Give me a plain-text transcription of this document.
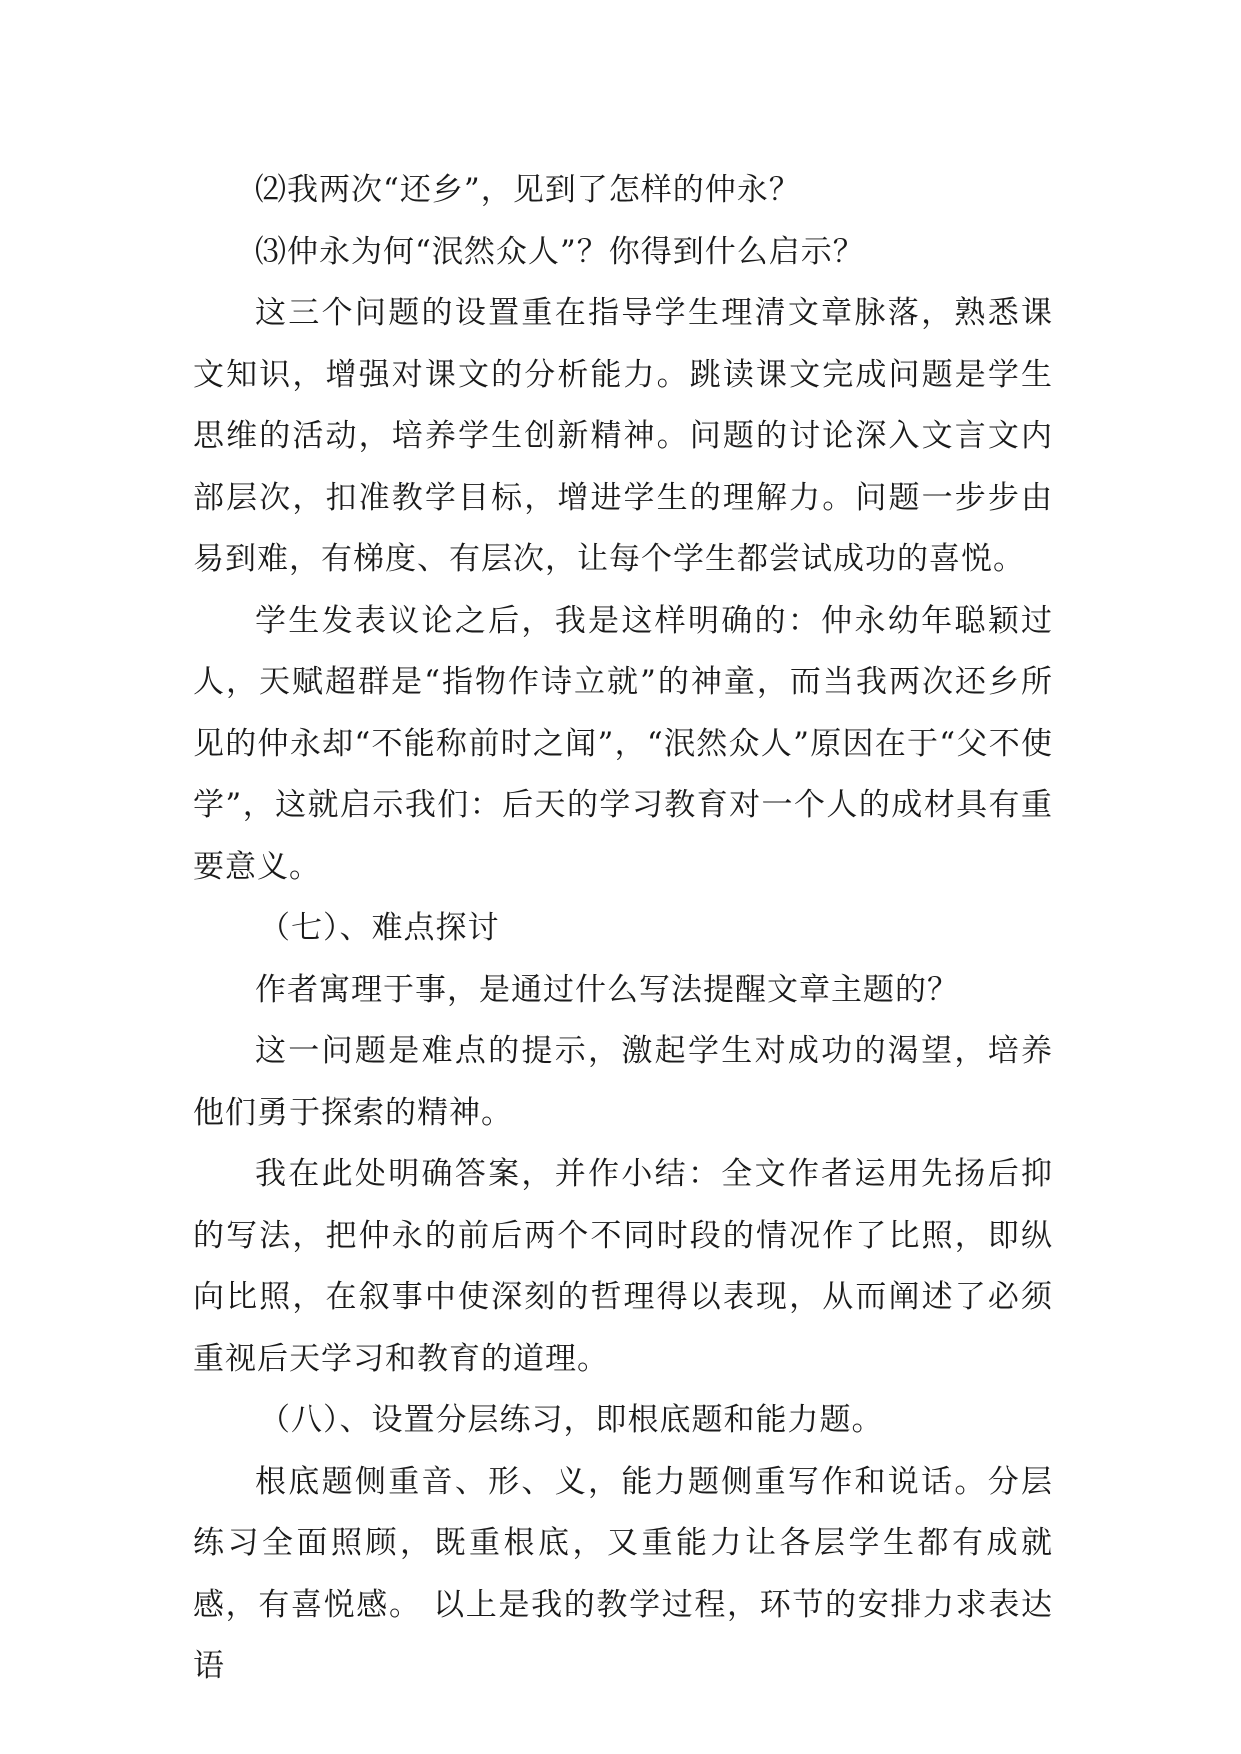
⑵我两次“还乡”，见到了怎样的仲永？

⑶仲永为何“泯然众人”？你得到什么启示？

这三个问题的设置重在指导学生理清文章脉落，熟悉课文知识，增强对课文的分析能力。跳读课文完成问题是学生思维的活动，培养学生创新精神。问题的讨论深入文言文内部层次，扣准教学目标，增进学生的理解力。问题一步步由易到难，有梯度、有层次，让每个学生都尝试成功的喜悦。

学生发表议论之后，我是这样明确的：仲永幼年聪颖过人，天赋超群是“指物作诗立就”的神童，而当我两次还乡所见的仲永却“不能称前时之闻”，“泯然众人”原因在于“父不使学”，这就启示我们：后天的学习教育对一个人的成材具有重要意义。

（七）、难点探讨

作者寓理于事，是通过什么写法提醒文章主题的？

这一问题是难点的提示，激起学生对成功的渴望，培养他们勇于探索的精神。

我在此处明确答案，并作小结：全文作者运用先扬后抑的写法，把仲永的前后两个不同时段的情况作了比照，即纵向比照，在叙事中使深刻的哲理得以表现，从而阐述了必须重视后天学习和教育的道理。

（八）、设置分层练习，即根底题和能力题。

根底题侧重音、形、义，能力题侧重写作和说话。分层练习全面照顾，既重根底，又重能力让各层学生都有成就感，有喜悦感。 以上是我的教学过程，环节的安排力求表达语
